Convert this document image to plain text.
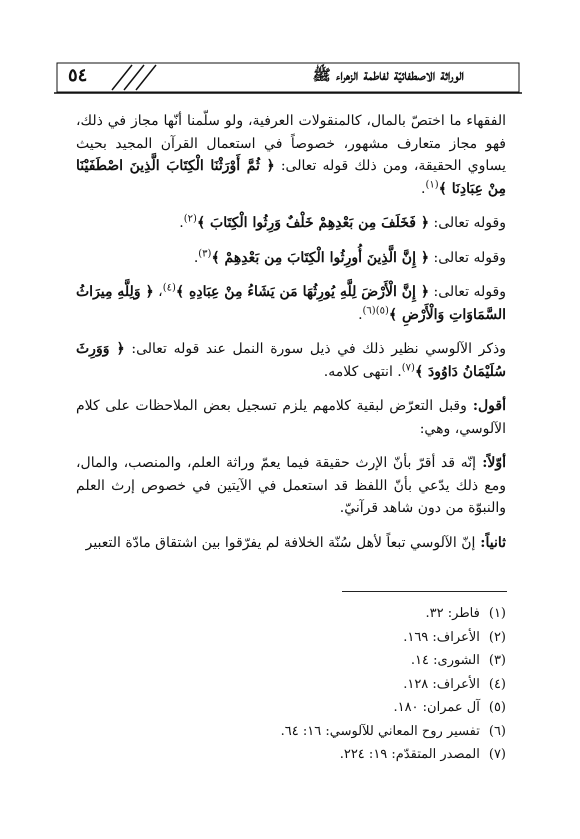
٥٤	الوراثة الاصطفائيّة لفاطمة الزهراء ﷺ

الفقهاء ما اختصّ بالمال، كالمنقولات العرفية، ولو سلّمنا أنّها مجاز في ذلك، فهو مجاز متعارف مشهور، خصوصاً في استعمال القرآن المجيد بحيث يساوي الحقيقة، ومن ذلك قوله تعالى: ﴿ ثُمَّ أَوْرَثْنَا الْكِتَابَ الَّذِينَ اصْطَفَيْنَا مِنْ عِبَادِنَا ﴾$^{(١)}$.

وقوله تعالى: ﴿ فَخَلَفَ مِن بَعْدِهِمْ خَلْفٌ وَرِثُوا الْكِتَابَ ﴾$^{(٢)}$.

وقوله تعالى: ﴿ إِنَّ الَّذِينَ أُورِثُوا الْكِتَابَ مِن بَعْدِهِمْ ﴾$^{(٣)}$.

وقوله تعالى: ﴿ إِنَّ الْأَرْضَ لِلَّهِ يُورِثُهَا مَن يَشَاءُ مِنْ عِبَادِهِ ﴾$^{(٤)}$، ﴿ وَلِلَّهِ مِيرَاثُ السَّمَاوَاتِ وَالْأَرْضِ ﴾$^{(٥)(٦)}$.

وذكر الآلوسي نظير ذلك في ذيل سورة النمل عند قوله تعالى: ﴿ وَوَرِثَ سُلَيْمَانُ دَاوُودَ ﴾$^{(٧)}$. انتهى كلامه.

أقول: وقبل التعرّض لبقية كلامهم يلزم تسجيل بعض الملاحظات على كلام الآلوسي، وهي:

أوّلاً: إنّه قد أقرّ بأنّ الإرث حقيقة فيما يعمّ وراثة العلم، والمنصب، والمال، ومع ذلك يدّعي بأنّ اللفظ قد استعمل في الآيتين في خصوص إرث العلم والنبوّة من دون شاهد قرآنيّ.

ثانياً: إنّ الآلوسي تبعاً لأهل سُنّة الخلافة لم يفرّقوا بين اشتقاق مادّة التعبير

(١) فاطر: ٣٢.
(٢) الأعراف: ١٦٩.
(٣) الشورى: ١٤.
(٤) الأعراف: ١٢٨.
(٥) آل عمران: ١٨٠.
(٦) تفسير روح المعاني للآلوسي: ١٦: ٦٤.
(٧) المصدر المتقدّم: ١٩: ٢٢٤.
